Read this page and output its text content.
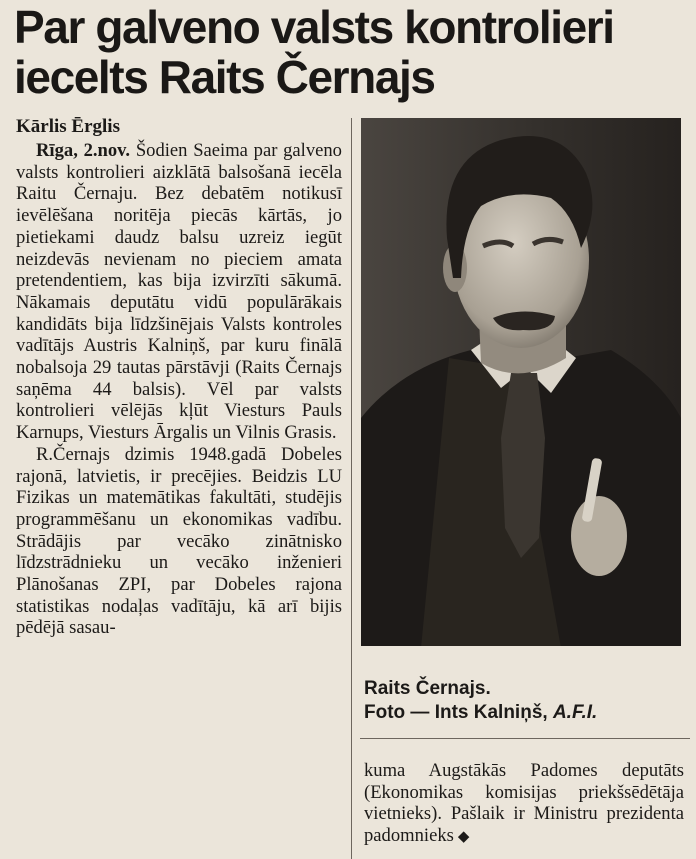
Par galveno valsts kontrolieri iecelts Raits Černajs
Kārlis Ērglis

Rīga, 2.nov. Šodien Saeima par galveno valsts kontrolieri aizklātā balsošanā iecēla Raitu Černaju. Bez debatēm notikusī ievēlēšana noritēja piecās kārtās, jo pietiekami daudz balsu uzreiz iegūt neizdevās nevienam no pieciem amata pretendentiem, kas bija izvirzīti sākumā. Nākamais deputātu vidū populārākais kandidāts bija līdzšinējais Valsts kontroles vadītājs Austris Kalniņš, par kuru finālā nobalsoja 29 tautas pārstāvji (Raits Černajs saņēma 44 balsis). Vēl par valsts kontrolieri vēlējās kļūt Viesturs Pauls Karnups, Viesturs Ārgalis un Vilnis Grasis.

R.Černajs dzimis 1948.gadā Dobeles rajonā, latvietis, ir precējies. Beidzis LU Fizikas un matemātikas fakultāti, studējis programmēšanu un ekonomikas vadību. Strādājis par vecāko zinātnisko līdzstrādnieku un vecāko inženieri Plānošanas ZPI, par Dobeles rajona statistikas nodaļas vadītāju, kā arī bijis pēdējā sasau-

Raits Černajs.
Foto — Ints Kalniņš, A.F.I.

kuma Augstākās Padomes deputāts (Ekonomikas komisijas priekšsēdētāja vietnieks). Pašlaik ir Ministru prezidenta padomnieks ◆
